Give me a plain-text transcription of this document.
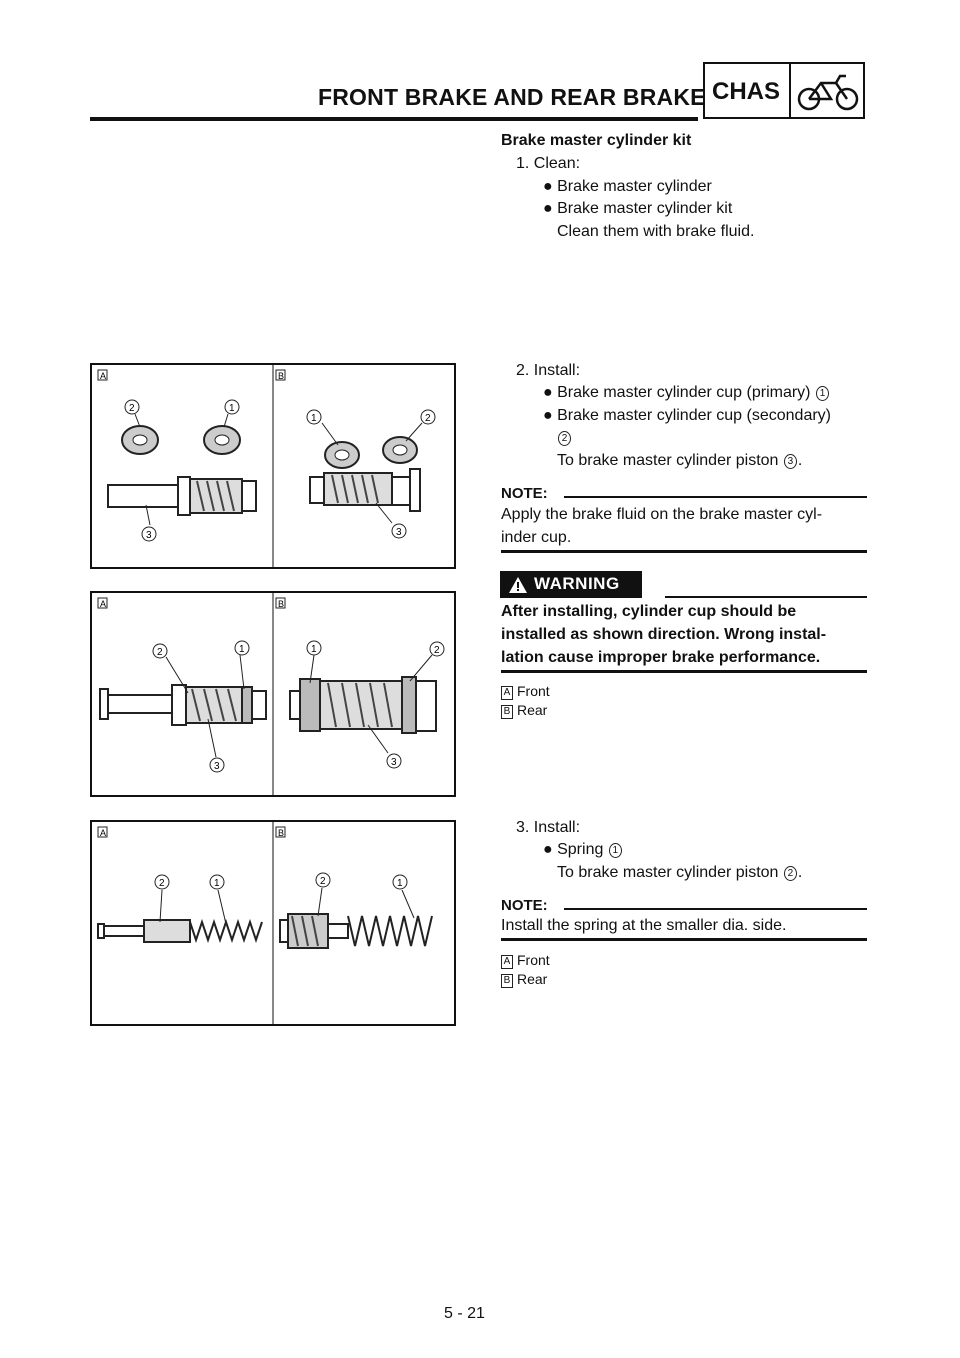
FRONT BRAKE AND REAR BRAKE CHAS
Brake master cylinder kit
1. Clean:
● Brake master cylinder
● Brake master cylinder kit
Clean them with brake fluid.
2. Install:
● Brake master cylinder cup (primary) 1
● Brake master cylinder cup (secondary)
2
To brake master cylinder piston 3 .
NOTE:
Apply the brake fluid on the brake master cyl-
inder cup.
WARNING
After installing, cylinder cup should be
installed as shown direction. Wrong instal-
lation cause improper brake performance.
A Front
B Rear
3. Install:
● Spring 1
To brake master cylinder piston 2 .
NOTE:
Install the spring at the smaller dia. side.
A Front
B Rear
A	B
2	1
3
1	2
3
A	B
2	1
3
1	2
3
A	B
2	1	2	1
5 - 21
